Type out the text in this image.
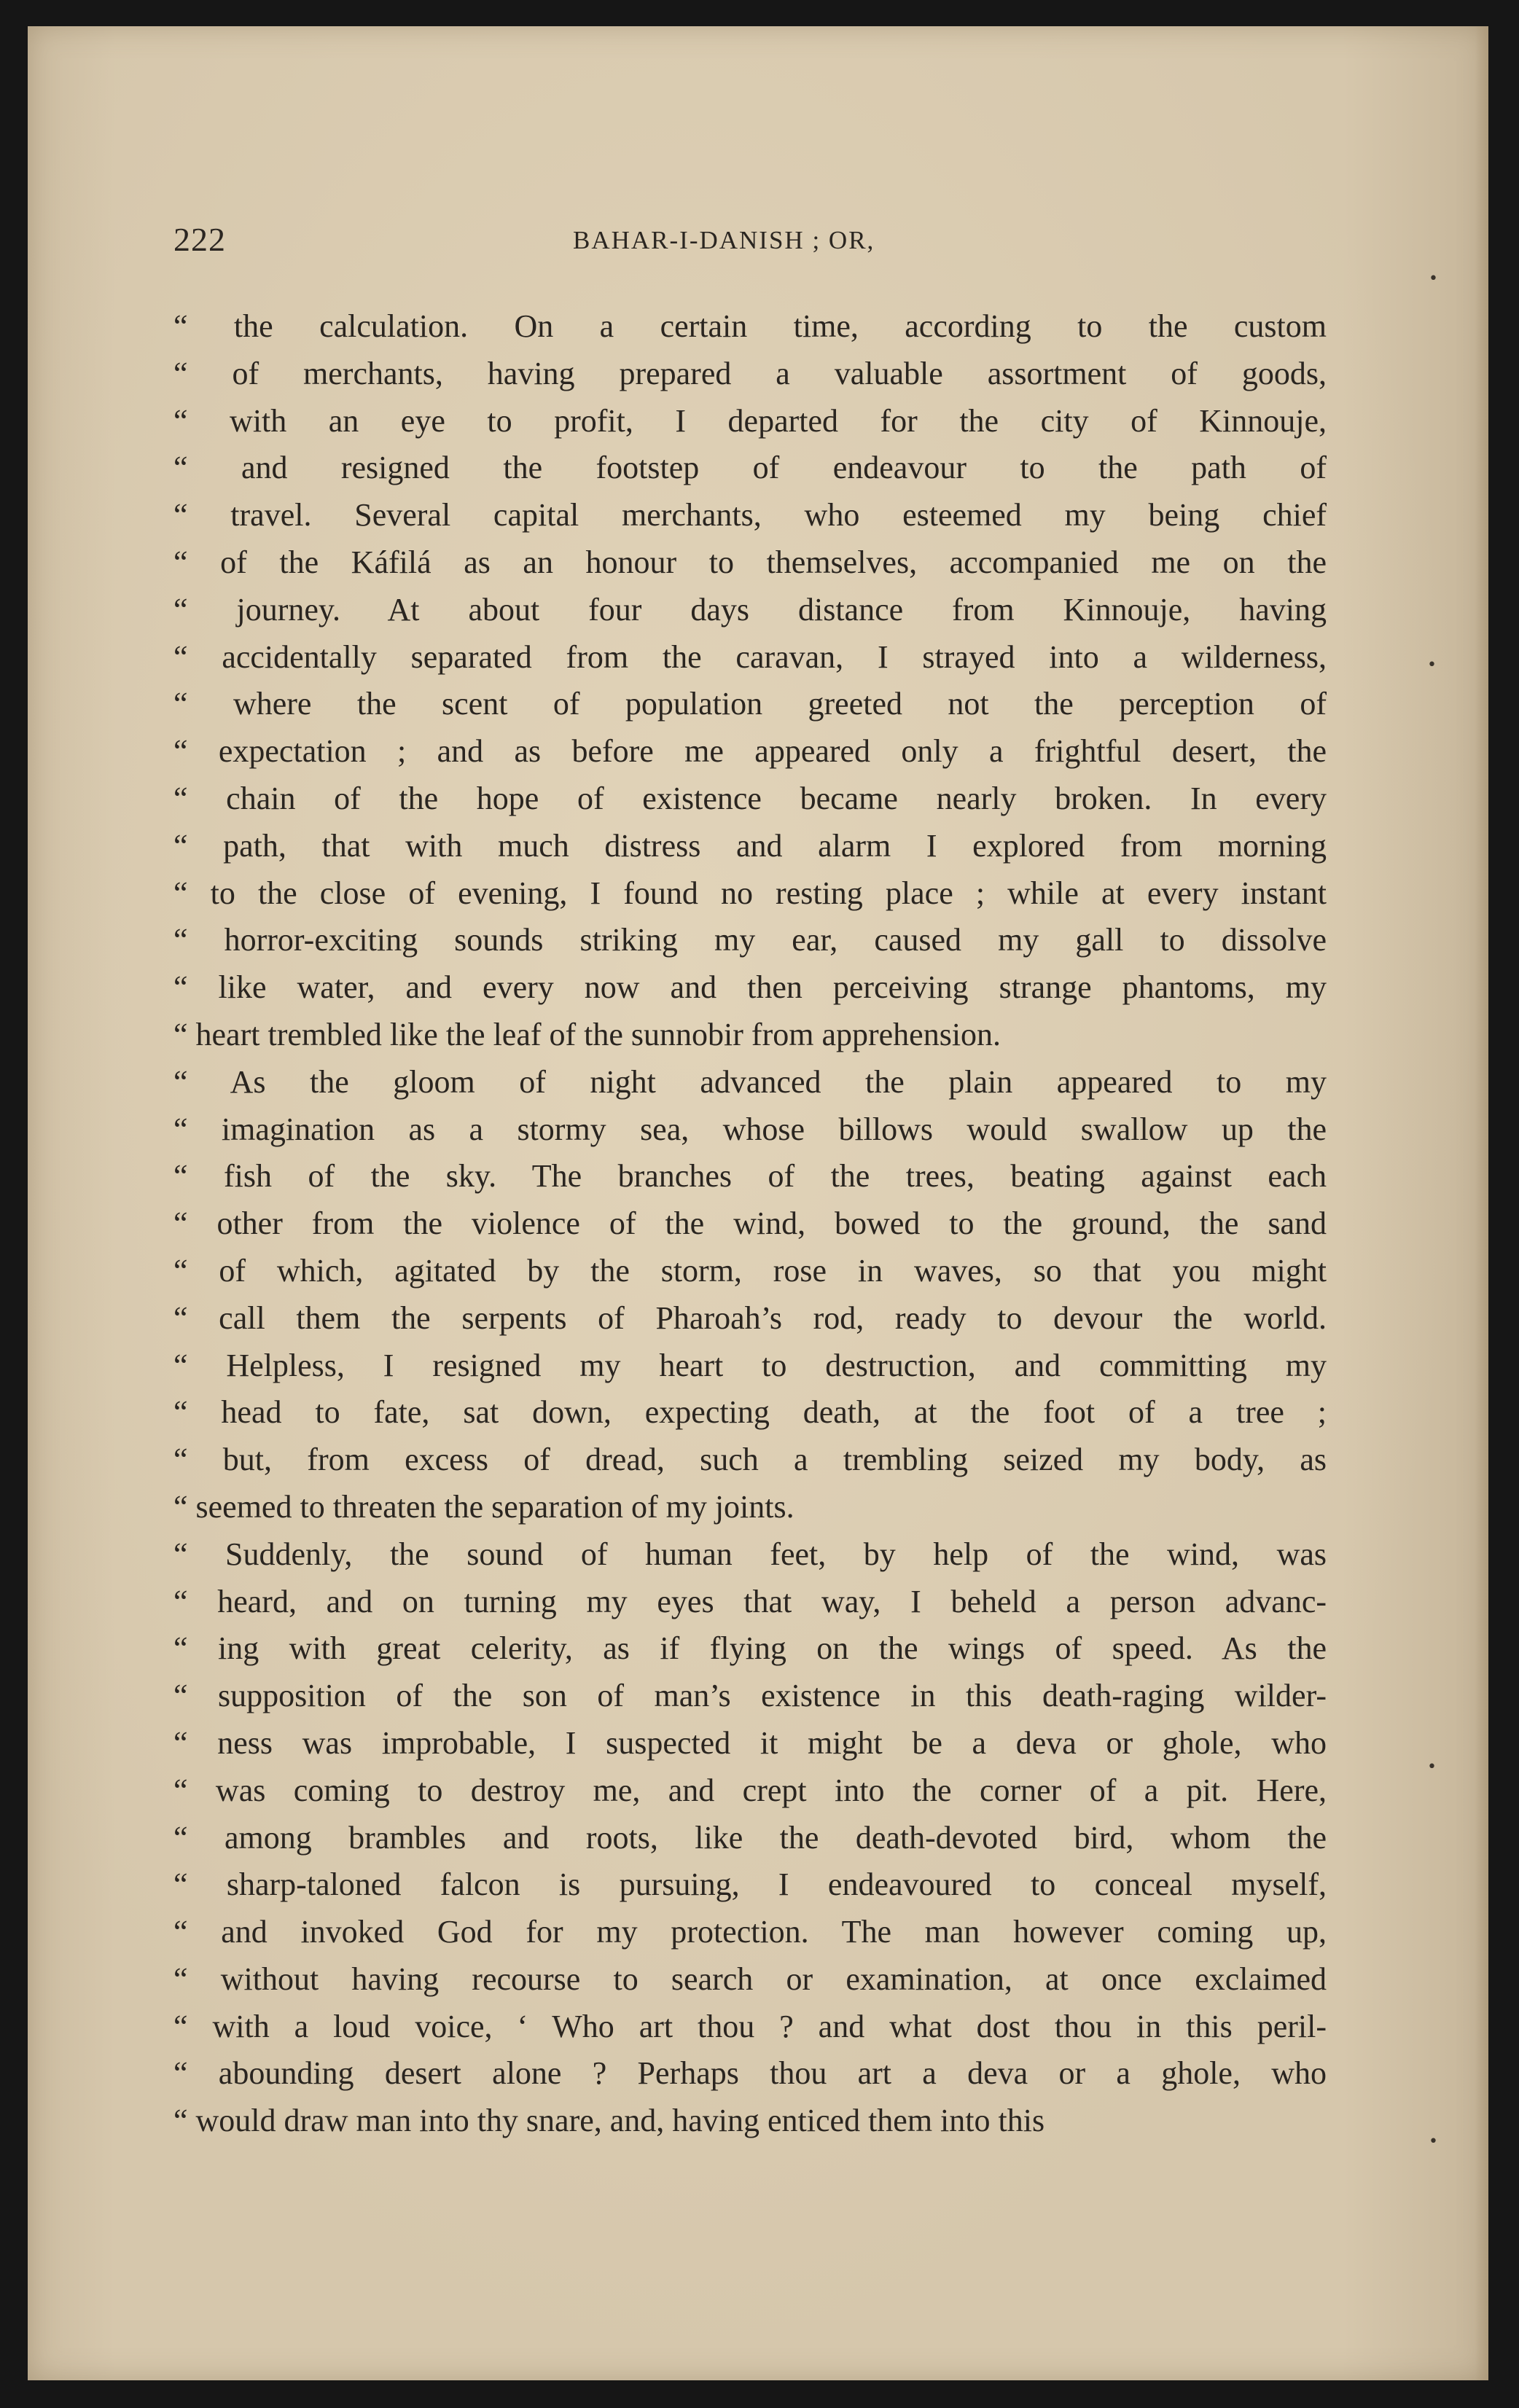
222	BAHAR-I-DANISH ; OR,
“ the calculation. On a certain time, according to the custom
“ of merchants, having prepared a valuable assortment of goods,
“ with an eye to profit, I departed for the city of Kinnouje,
“ and resigned the footstep of endeavour to the path of
“ travel. Several capital merchants, who esteemed my being chief
“ of the Káfilá as an honour to themselves, accompanied me on the
“ journey. At about four days distance from Kinnouje, having
“ accidentally separated from the caravan, I strayed into a wilderness,
“ where the scent of population greeted not the perception of
“ expectation ; and as before me appeared only a frightful desert, the
“ chain of the hope of existence became nearly broken. In every
“ path, that with much distress and alarm I explored from morning
“ to the close of evening, I found no resting place ; while at every instant
“ horror-exciting sounds striking my ear, caused my gall to dissolve
“ like water, and every now and then perceiving strange phantoms, my
“ heart trembled like the leaf of the sunnobir from apprehension.
“ As the gloom of night advanced the plain appeared to my
“ imagination as a stormy sea, whose billows would swallow up the
“ fish of the sky. The branches of the trees, beating against each
“ other from the violence of the wind, bowed to the ground, the sand
“ of which, agitated by the storm, rose in waves, so that you might
“ call them the serpents of Pharoah’s rod, ready to devour the world.
“ Helpless, I resigned my heart to destruction, and committing my
“ head to fate, sat down, expecting death, at the foot of a tree ;
“ but, from excess of dread, such a trembling seized my body, as
“ seemed to threaten the separation of my joints.
“ Suddenly, the sound of human feet, by help of the wind, was
“ heard, and on turning my eyes that way, I beheld a person advanc-
“ ing with great celerity, as if flying on the wings of speed. As the
“ supposition of the son of man’s existence in this death-raging wilder-
“ ness was improbable, I suspected it might be a deva or ghole, who
“ was coming to destroy me, and crept into the corner of a pit. Here,
“ among brambles and roots, like the death-devoted bird, whom the
“ sharp-taloned falcon is pursuing, I endeavoured to conceal myself,
“ and invoked God for my protection. The man however coming up,
“ without having recourse to search or examination, at once exclaimed
“ with a loud voice, ‘ Who art thou ? and what dost thou in this peril-
“ abounding desert alone ? Perhaps thou art a deva or a ghole, who
“ would draw man into thy snare, and, having enticed them into this
•
•
•
•
